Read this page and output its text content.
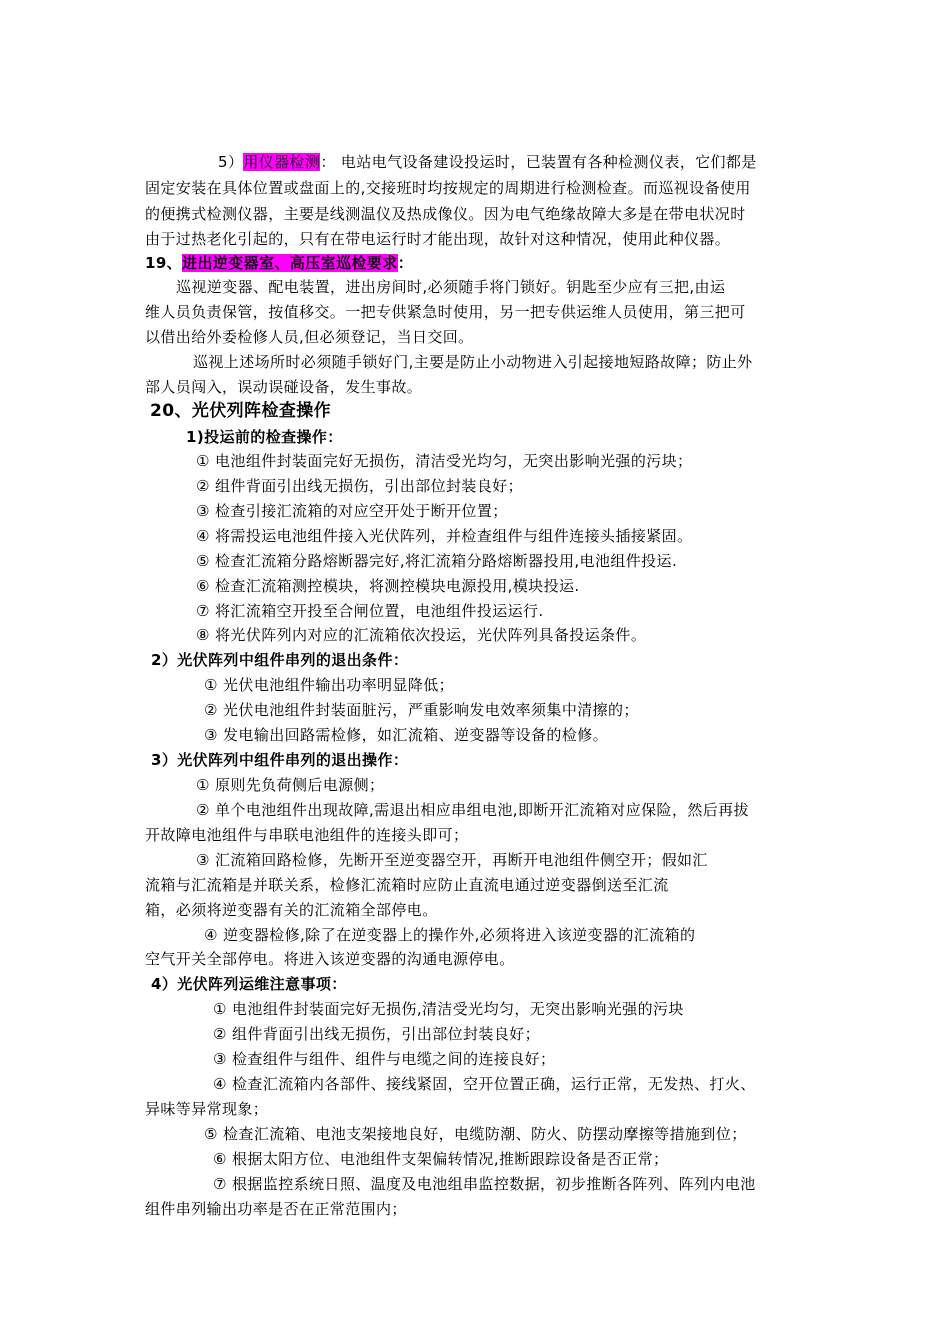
5）用仪器检测： 电站电气设备建设投运时，已装置有各种检测仪表，它们都是
固定安装在具体位置或盘面上的,交接班时均按规定的周期进行检测检查。而巡视设备使用
的便携式检测仪器，主要是线测温仪及热成像仪。因为电气绝缘故障大多是在带电状况时
由于过热老化引起的，只有在带电运行时才能出现，故针对这种情况，使用此种仪器。
19、进出逆变器室、高压室巡检要求：
巡视逆变器、配电装置，进出房间时,必须随手将门锁好。钥匙至少应有三把,由运
维人员负责保管，按值移交。一把专供紧急时使用，另一把专供运维人员使用，第三把可
以借出给外委检修人员,但必须登记，当日交回。
巡视上述场所时必须随手锁好门,主要是防止小动物进入引起接地短路故障；防止外
部人员闯入，误动误碰设备，发生事故。
20、光伏列阵检查操作
1)投运前的检查操作：
① 电池组件封装面完好无损伤，清洁受光均匀，无突出影响光强的污块；
② 组件背面引出线无损伤，引出部位封装良好；
③ 检查引接汇流箱的对应空开处于断开位置；
④ 将需投运电池组件接入光伏阵列，并检查组件与组件连接头插接紧固。
⑤ 检查汇流箱分路熔断器完好,将汇流箱分路熔断器投用,电池组件投运.
⑥ 检查汇流箱测控模块，将测控模块电源投用,模块投运.
⑦ 将汇流箱空开投至合闸位置，电池组件投运运行.
⑧ 将光伏阵列内对应的汇流箱依次投运，光伏阵列具备投运条件。
2）光伏阵列中组件串列的退出条件：
① 光伏电池组件输出功率明显降低；
② 光伏电池组件封装面脏污，严重影响发电效率须集中清擦的；
③ 发电输出回路需检修，如汇流箱、逆变器等设备的检修。
3）光伏阵列中组件串列的退出操作：
① 原则先负荷侧后电源侧；
② 单个电池组件出现故障,需退出相应串组电池,即断开汇流箱对应保险，然后再拔
开故障电池组件与串联电池组件的连接头即可；
③ 汇流箱回路检修，先断开至逆变器空开，再断开电池组件侧空开；假如汇
流箱与汇流箱是并联关系，检修汇流箱时应防止直流电通过逆变器倒送至汇流
箱，必须将逆变器有关的汇流箱全部停电。
④ 逆变器检修,除了在逆变器上的操作外,必须将进入该逆变器的汇流箱的
空气开关全部停电。将进入该逆变器的沟通电源停电。
4）光伏阵列运维注意事项：
① 电池组件封装面完好无损伤,清洁受光均匀，无突出影响光强的污块
② 组件背面引出线无损伤，引出部位封装良好；
③ 检查组件与组件、组件与电缆之间的连接良好；
④ 检查汇流箱内各部件、接线紧固，空开位置正确，运行正常，无发热、打火、
异味等异常现象；
⑤ 检查汇流箱、电池支架接地良好，电缆防潮、防火、防摆动摩擦等措施到位；
⑥ 根据太阳方位、电池组件支架偏转情况,推断跟踪设备是否正常；
⑦ 根据监控系统日照、温度及电池组串监控数据，初步推断各阵列、阵列内电池
组件串列输出功率是否在正常范围内；
